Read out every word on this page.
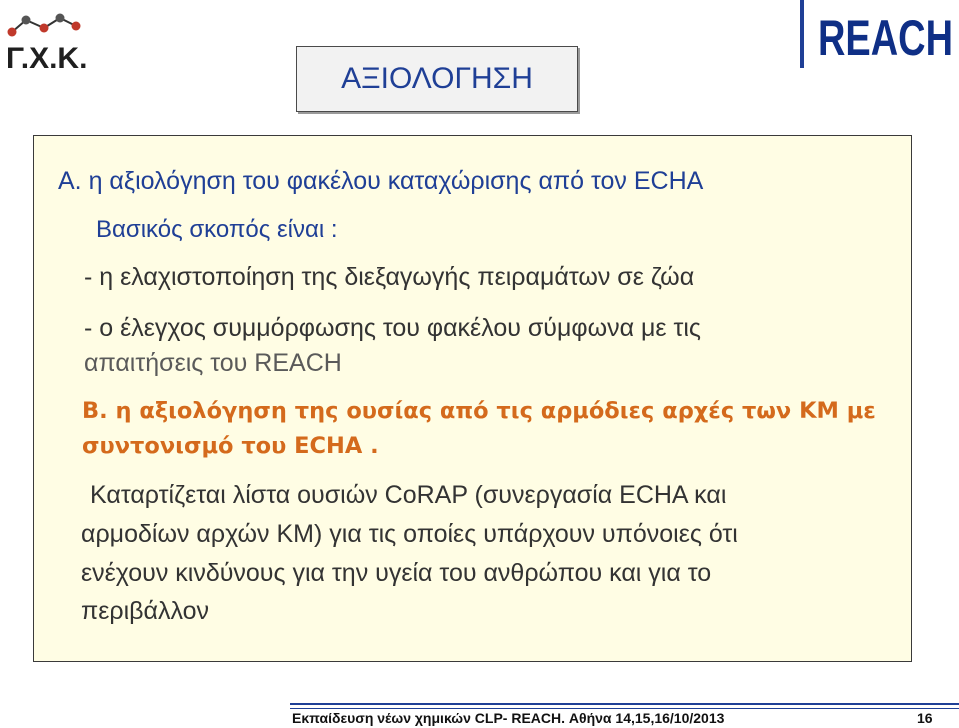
Γ.Χ.Κ.	REACH
ΑΞΙΟΛΟΓΗΣΗ
Α. η αξιολόγηση του φακέλου καταχώρισης από τον ECHA
Βασικός σκοπός είναι :
- η ελαχιστοποίηση της διεξαγωγής πειραμάτων σε ζώα
- ο έλεγχος συμμόρφωσης του φακέλου σύμφωνα με τις
απαιτήσεις του REACH
Β. η αξιολόγηση της ουσίας από τις αρμόδιες αρχές των ΚΜ με
συντονισμό του ECHA .
Καταρτίζεται λίστα ουσιών CoRAP (συνεργασία ECHA και
αρμοδίων αρχών ΚΜ) για τις οποίες υπάρχουν υπόνοιες ότι
ενέχουν κινδύνους για την υγεία του ανθρώπου και για το
περιβάλλον
Εκπαίδευση νέων χημικών CLP- REACH. Αθήνα 14,15,16/10/2013	16
